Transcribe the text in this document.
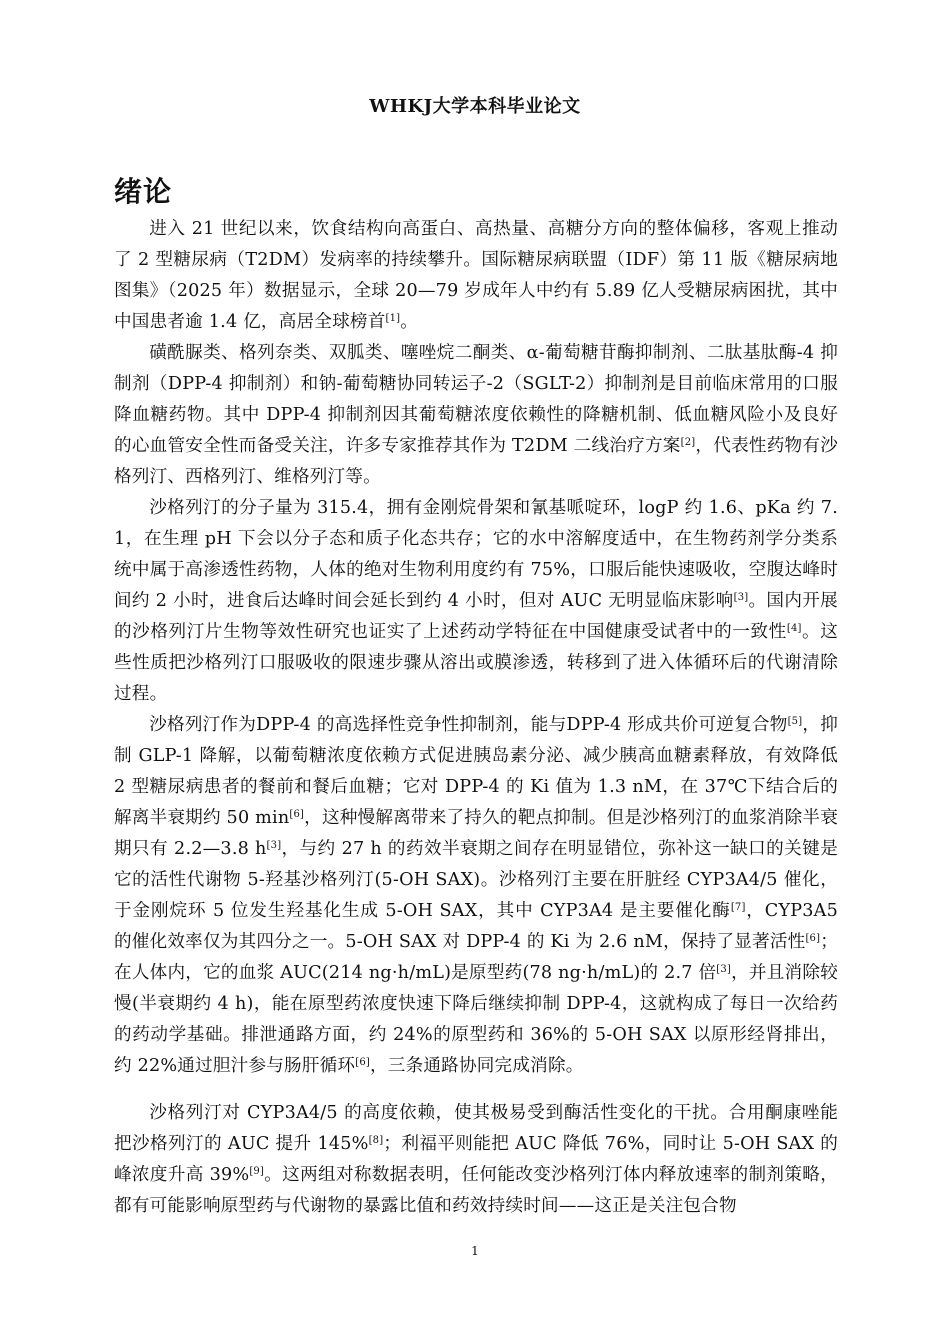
WHKJ大学本科毕业论文
绪论

进入 21 世纪以来，饮食结构向高蛋白、高热量、高糖分方向的整体偏移，客观上推动了 2 型糖尿病（T2DM）发病率的持续攀升。国际糖尿病联盟（IDF）第 11 版《糖尿病地图集》（2025 年）数据显示，全球 20—79 岁成年人中约有 5.89 亿人受糖尿病困扰，其中中国患者逾 1.4 亿，高居全球榜首[1]。

磺酰脲类、格列奈类、双胍类、噻唑烷二酮类、α-葡萄糖苷酶抑制剂、二肽基肽酶-4 抑制剂（DPP-4 抑制剂）和钠-葡萄糖协同转运子-2（SGLT-2）抑制剂是目前临床常用的口服降血糖药物。其中 DPP-4 抑制剂因其葡萄糖浓度依赖性的降糖机制、低血糖风险小及良好的心血管安全性而备受关注，许多专家推荐其作为 T2DM 二线治疗方案[2]，代表性药物有沙格列汀、西格列汀、维格列汀等。

沙格列汀的分子量为 315.4，拥有金刚烷骨架和氰基哌啶环，logP 约 1.6、pKa 约 7.1，在生理 pH 下会以分子态和质子化态共存；它的水中溶解度适中，在生物药剂学分类系统中属于高渗透性药物，人体的绝对生物利用度约有 75%，口服后能快速吸收，空腹达峰时间约 2 小时，进食后达峰时间会延长到约 4 小时，但对 AUC 无明显临床影响[3]。国内开展的沙格列汀片生物等效性研究也证实了上述药动学特征在中国健康受试者中的一致性[4]。这些性质把沙格列汀口服吸收的限速步骤从溶出或膜渗透，转移到了进入体循环后的代谢清除过程。

沙格列汀作为DPP-4 的高选择性竞争性抑制剂，能与DPP-4 形成共价可逆复合物[5]，抑制 GLP-1 降解，以葡萄糖浓度依赖方式促进胰岛素分泌、减少胰高血糖素释放，有效降低 2 型糖尿病患者的餐前和餐后血糖；它对 DPP-4 的 Ki 值为 1.3 nM，在 37℃下结合后的解离半衰期约 50 min[6]，这种慢解离带来了持久的靶点抑制。但是沙格列汀的血浆消除半衰期只有 2.2—3.8 h[3]，与约 27 h 的药效半衰期之间存在明显错位，弥补这一缺口的关键是它的活性代谢物 5-羟基沙格列汀(5-OH SAX)。沙格列汀主要在肝脏经 CYP3A4/5 催化，于金刚烷环 5 位发生羟基化生成 5-OH SAX，其中 CYP3A4 是主要催化酶[7]，CYP3A5 的催化效率仅为其四分之一。5-OH SAX 对 DPP-4 的 Ki 为 2.6 nM，保持了显著活性[6]；在人体内，它的血浆 AUC(214 ng·h/mL)是原型药(78 ng·h/mL)的 2.7 倍[3]，并且消除较慢(半衰期约 4 h)，能在原型药浓度快速下降后继续抑制 DPP-4，这就构成了每日一次给药的药动学基础。排泄通路方面，约 24%的原型药和 36%的 5-OH SAX 以原形经肾排出，约 22%通过胆汁参与肠肝循环[6]，三条通路协同完成消除。

沙格列汀对 CYP3A4/5 的高度依赖，使其极易受到酶活性变化的干扰。合用酮康唑能把沙格列汀的 AUC 提升 145%[8]；利福平则能把 AUC 降低 76%，同时让 5-OH SAX 的峰浓度升高 39%[9]。这两组对称数据表明，任何能改变沙格列汀体内释放速率的制剂策略，都有可能影响原型药与代谢物的暴露比值和药效持续时间——这正是关注包合物

1
